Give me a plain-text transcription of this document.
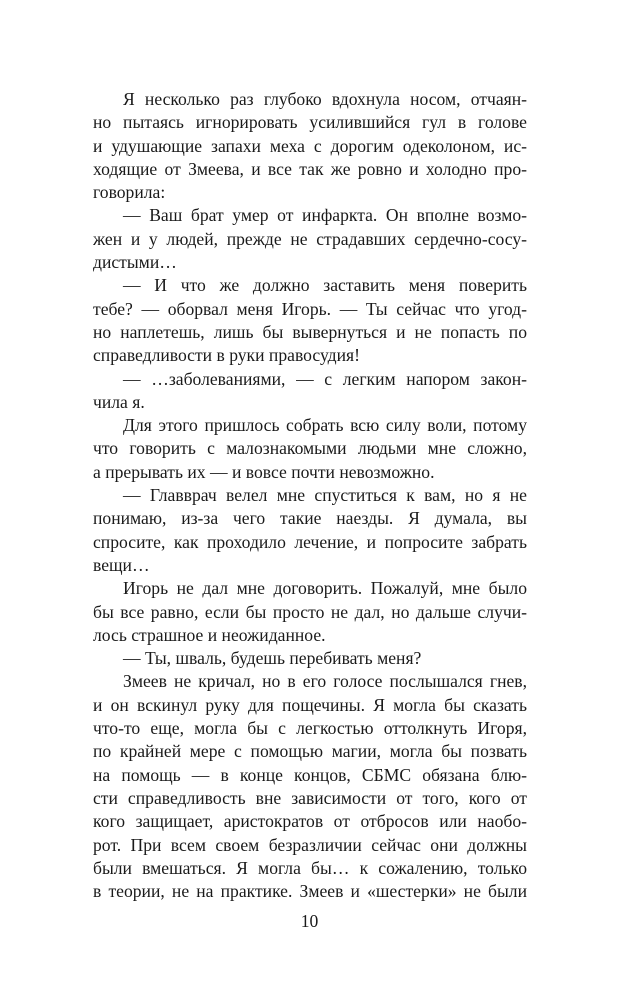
Я несколько раз глубоко вдохнула носом, отчаян-
но пытаясь игнорировать усилившийся гул в голове
и удушающие запахи меха с дорогим одеколоном, ис-
ходящие от Змеева, и все так же ровно и холодно про-
говорила:
— Ваш брат умер от инфаркта. Он вполне возмо-
жен и у людей, прежде не страдавших сердечно-сосу-
дистыми…
— И что же должно заставить меня поверить
тебе? — оборвал меня Игорь. — Ты сейчас что угод-
но наплетешь, лишь бы вывернуться и не попасть по
справедливости в руки правосудия!
— …заболеваниями, — с легким напором закон-
чила я.
Для этого пришлось собрать всю силу воли, потому
что говорить с малознакомыми людьми мне сложно,
а прерывать их — и вовсе почти невозможно.
— Главврач велел мне спуститься к вам, но я не
понимаю, из-за чего такие наезды. Я думала, вы
спросите, как проходило лечение, и попросите забрать
вещи…
Игорь не дал мне договорить. Пожалуй, мне было
бы все равно, если бы просто не дал, но дальше случи-
лось страшное и неожиданное.
— Ты, шваль, будешь перебивать меня?
Змеев не кричал, но в его голосе послышался гнев,
и он вскинул руку для пощечины. Я могла бы сказать
что-то еще, могла бы с легкостью оттолкнуть Игоря,
по крайней мере с помощью магии, могла бы позвать
на помощь — в конце концов, СБМС обязана блю-
сти справедливость вне зависимости от того, кого от
кого защищает, аристократов от отбросов или наобо-
рот. При всем своем безразличии сейчас они должны
были вмешаться. Я могла бы… к сожалению, только
в теории, не на практике. Змеев и «шестерки» не были
10
